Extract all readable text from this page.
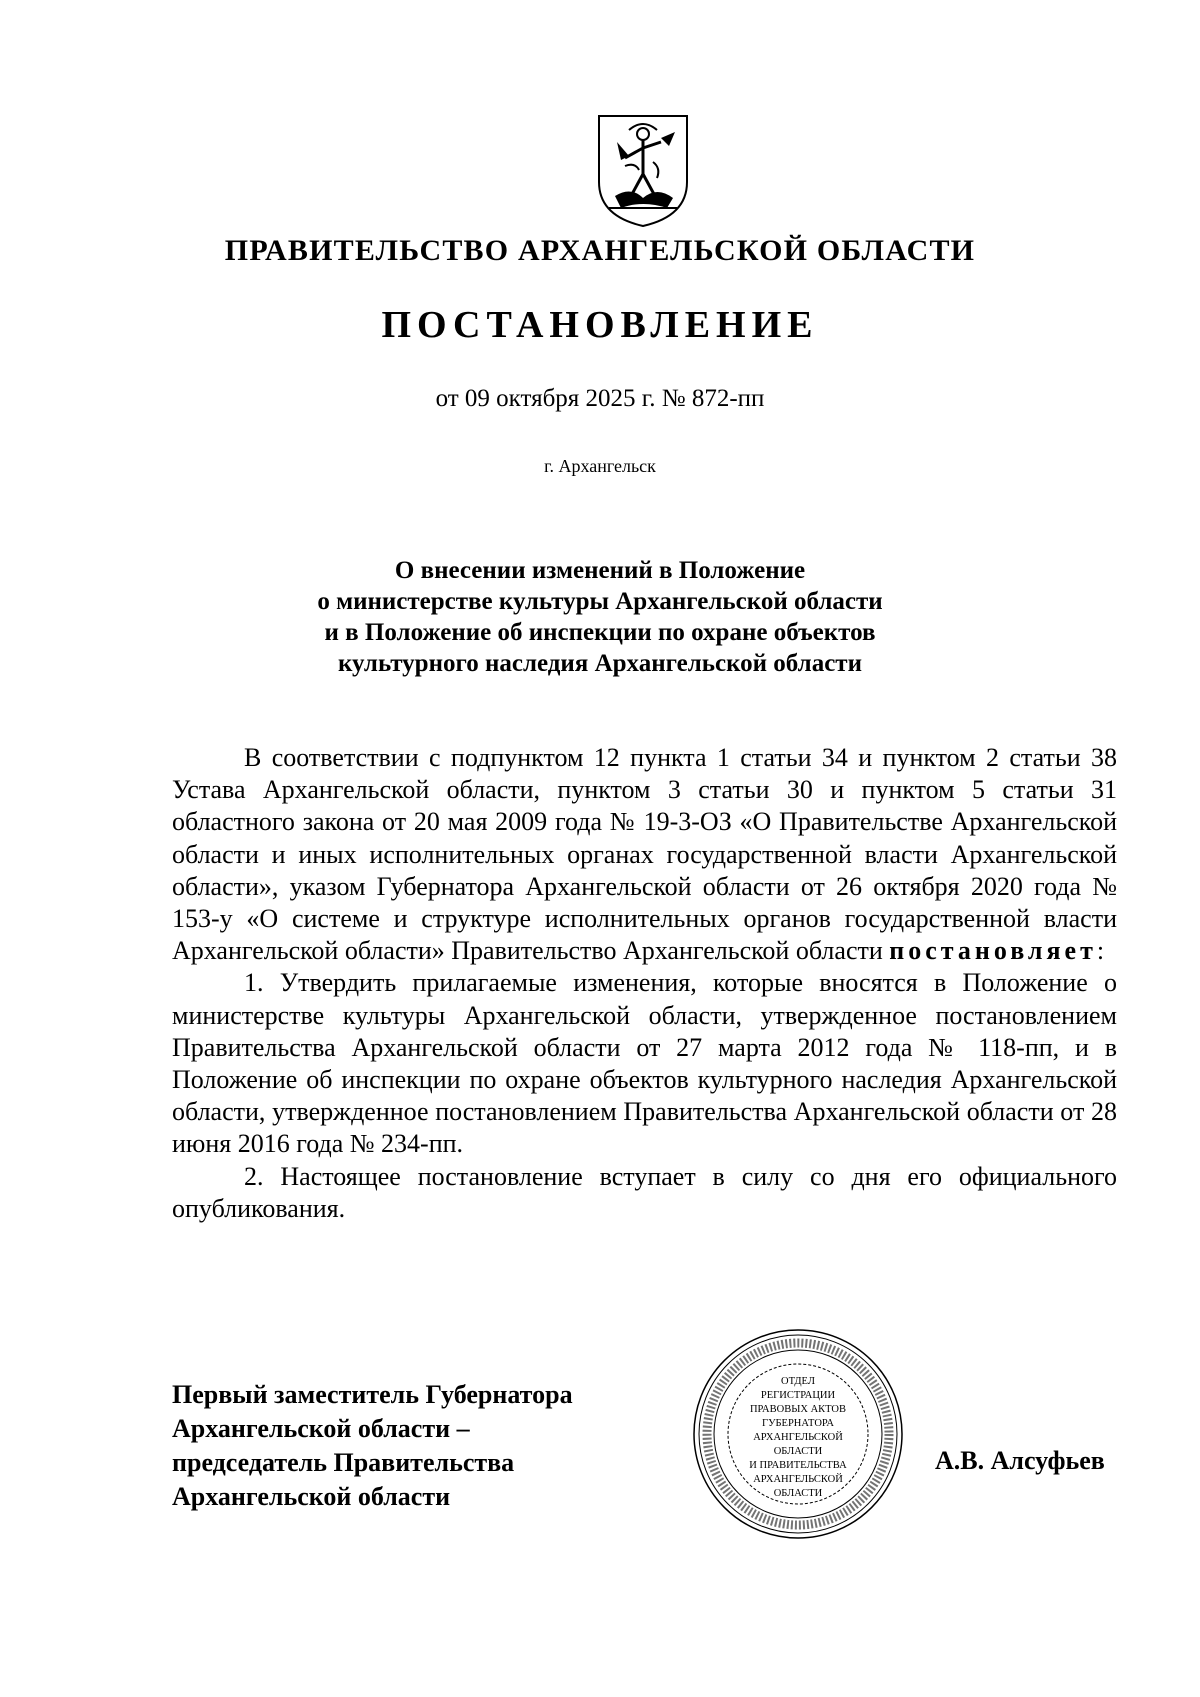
ПРАВИТЕЛЬСТВО АРХАНГЕЛЬСКОЙ ОБЛАСТИ
ПОСТАНОВЛЕНИЕ
от 09 октября 2025 г. № 872-пп
г. Архангельск
О внесении изменений в Положение
о министерстве культуры Архангельской области
и в Положение об инспекции по охране объектов
культурного наследия Архангельской области

В соответствии с подпунктом 12 пункта 1 статьи 34 и пунктом 2 статьи 38 Устава Архангельской области, пунктом 3 статьи 30 и пунктом 5 статьи 31 областного закона от 20 мая 2009 года № 19-3-ОЗ «О Правительстве Архангельской области и иных исполнительных органах государственной власти Архангельской области», указом Губернатора Архангельской области от 26 октября 2020 года № 153-у «О системе и структуре исполнительных органов государственной власти Архангельской области» Правительство Архангельской области постановляет:

1. Утвердить прилагаемые изменения, которые вносятся в Положение о министерстве культуры Архангельской области, утвержденное постановлением Правительства Архангельской области от 27 марта 2012 года № 118-пп, и в Положение об инспекции по охране объектов культурного наследия Архангельской области, утвержденное постановлением Правительства Архангельской области от 28 июня 2016 года № 234-пп.

2. Настоящее постановление вступает в силу со дня его официального опубликования.

Первый заместитель Губернатора
Архангельской области –
председатель Правительства
Архангельской области
ОТДЕЛ
РЕГИСТРАЦИИ
ПРАВОВЫХ АКТОВ
ГУБЕРНАТОРА
АРХАНГЕЛЬСКОЙ
ОБЛАСТИ
И ПРАВИТЕЛЬСТВА
АРХАНГЕЛЬСКОЙ
ОБЛАСТИ
А.В. Алсуфьев
